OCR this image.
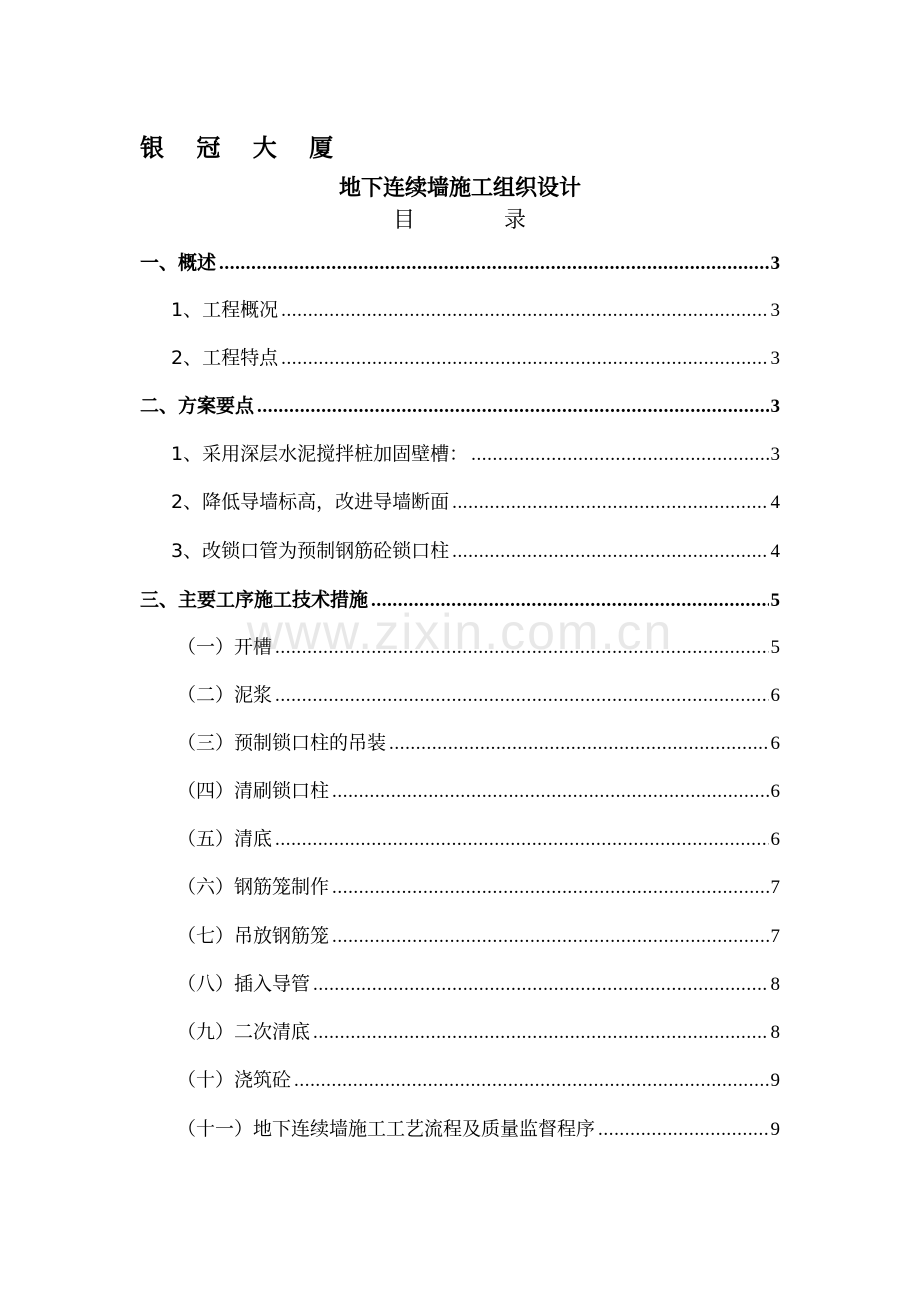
银 冠 大 厦
地下连续墙施工组织设计
目	录
一、概述 .....	3
1、工程概况 .....	3
2、工程特点 .....	3
二、方案要点 .....	3
1、采用深层水泥搅拌桩加固壁槽： .....	3
2、降低导墙标高，改进导墙断面 .....	4
3、改锁口管为预制钢筋砼锁口柱 .....	4
三、主要工序施工技术措施 .....	5
（一）开槽 .....	5
（二）泥浆 .....	6
（三）预制锁口柱的吊装 .....	6
（四）清刷锁口柱 .....	6
（五）清底 .....	6
（六）钢筋笼制作 .....	7
（七）吊放钢筋笼 .....	7
（八）插入导管 .....	8
（九）二次清底 .....	8
（十）浇筑砼 .....	9
（十一）地下连续墙施工工艺流程及质量监督程序 .....	9
www.zixin.com.cn
